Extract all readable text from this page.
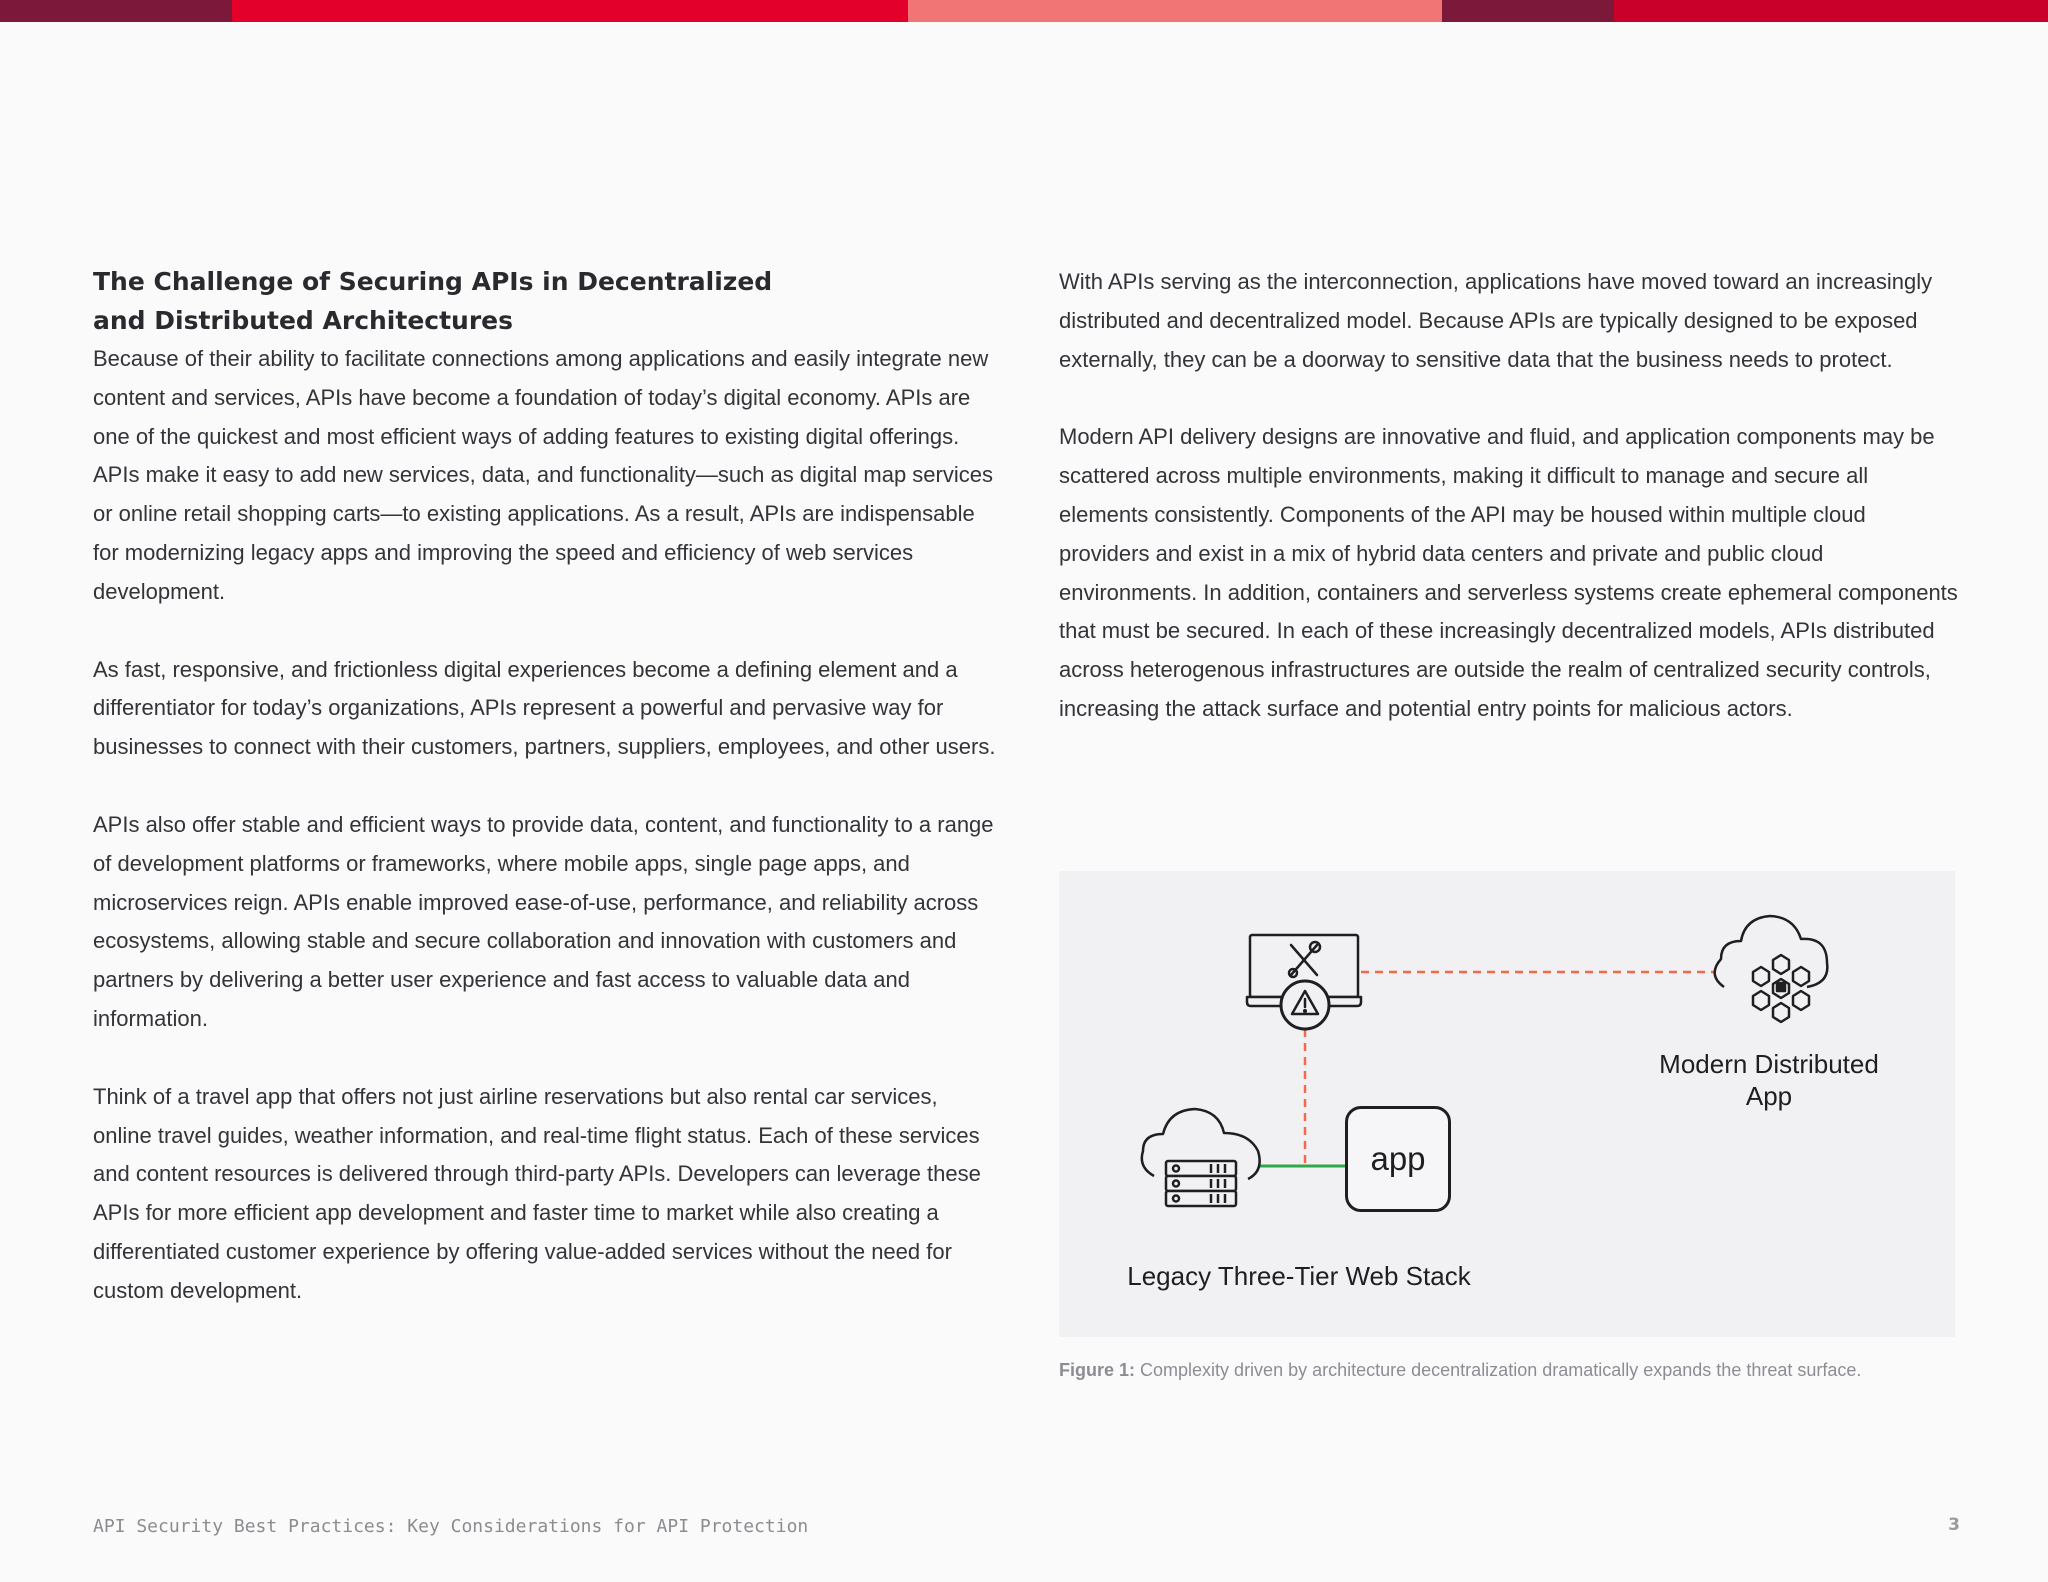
The Challenge of Securing APIs in Decentralized
and Distributed Architectures

Because of their ability to facilitate connections among applications and easily integrate new content and services, APIs have become a foundation of today’s digital economy. APIs are one of the quickest and most efficient ways of adding features to existing digital offerings. APIs make it easy to add new services, data, and functionality—such as digital map services or online retail shopping carts—to existing applications. As a result, APIs are indispensable for modernizing legacy apps and improving the speed and efficiency of web services development.

As fast, responsive, and frictionless digital experiences become a defining element and a differentiator for today’s organizations, APIs represent a powerful and pervasive way for businesses to connect with their customers, partners, suppliers, employees, and other users.

APIs also offer stable and efficient ways to provide data, content, and functionality to a range of development platforms or frameworks, where mobile apps, single page apps, and microservices reign. APIs enable improved ease-of-use, performance, and reliability across ecosystems, allowing stable and secure collaboration and innovation with customers and partners by delivering a better user experience and fast access to valuable data and information.

Think of a travel app that offers not just airline reservations but also rental car services, online travel guides, weather information, and real-time flight status. Each of these services and content resources is delivered through third-party APIs. Developers can leverage these APIs for more efficient app development and faster time to market while also creating a differentiated customer experience by offering value-added services without the need for custom development.

With APIs serving as the interconnection, applications have moved toward an increasingly distributed and decentralized model. Because APIs are typically designed to be exposed externally, they can be a doorway to sensitive data that the business needs to protect.

Modern API delivery designs are innovative and fluid, and application components may be scattered across multiple environments, making it difficult to manage and secure all elements consistently. Components of the API may be housed within multiple cloud providers and exist in a mix of hybrid data centers and private and public cloud environments. In addition, containers and serverless systems create ephemeral components that must be secured. In each of these increasingly decentralized models, APIs distributed across heterogenous infrastructures are outside the realm of centralized security controls, increasing the attack surface and potential entry points for malicious actors.

app
Modern Distributed
App
Legacy Three-Tier Web Stack
Figure 1: Complexity driven by architecture decentralization dramatically expands the threat surface.
API Security Best Practices: Key Considerations for API Protection	3
